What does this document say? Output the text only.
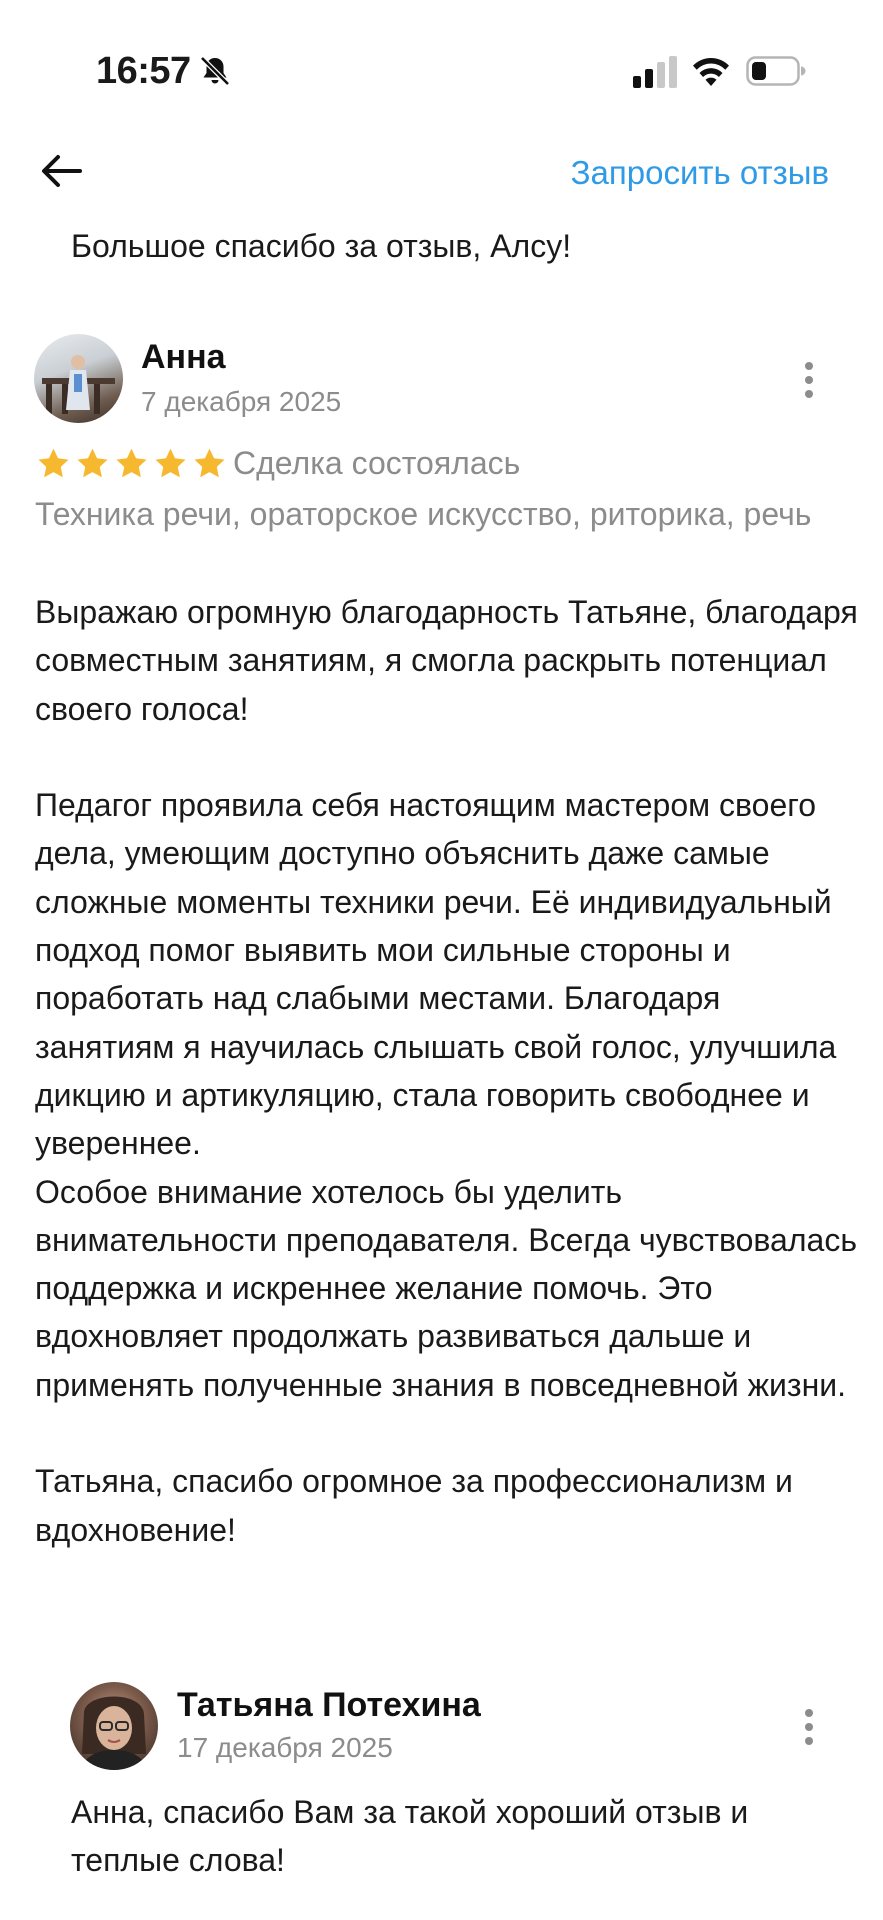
16:57
Запросить отзыв
Большое спасибо за отзыв, Алсу!
Анна
7 декабря 2025
Сделка состоялась
Техника речи, ораторское искусство, риторика, речь
Выражаю огромную благодарность Татьяне, благодаря совместным занятиям, я смогла раскрыть потенциал своего голоса!

Педагог проявила себя настоящим мастером своего дела, умеющим доступно объяснить даже самые сложные моменты техники речи. Её индивидуальный подход помог выявить мои сильные стороны и поработать над слабыми местами. Благодаря занятиям я научилась слышать свой голос, улучшила дикцию и артикуляцию, стала говорить свободнее и увереннее.
Особое внимание хотелось бы уделить внимательности преподавателя. Всегда чувствовалась поддержка и искреннее желание помочь. Это вдохновляет продолжать развиваться дальше и применять полученные знания в повседневной жизни.

Татьяна, спасибо огромное за профессионализм и вдохновение!
Татьяна Потехина
17 декабря 2025
Анна, спасибо Вам за такой хороший отзыв и теплые слова!
